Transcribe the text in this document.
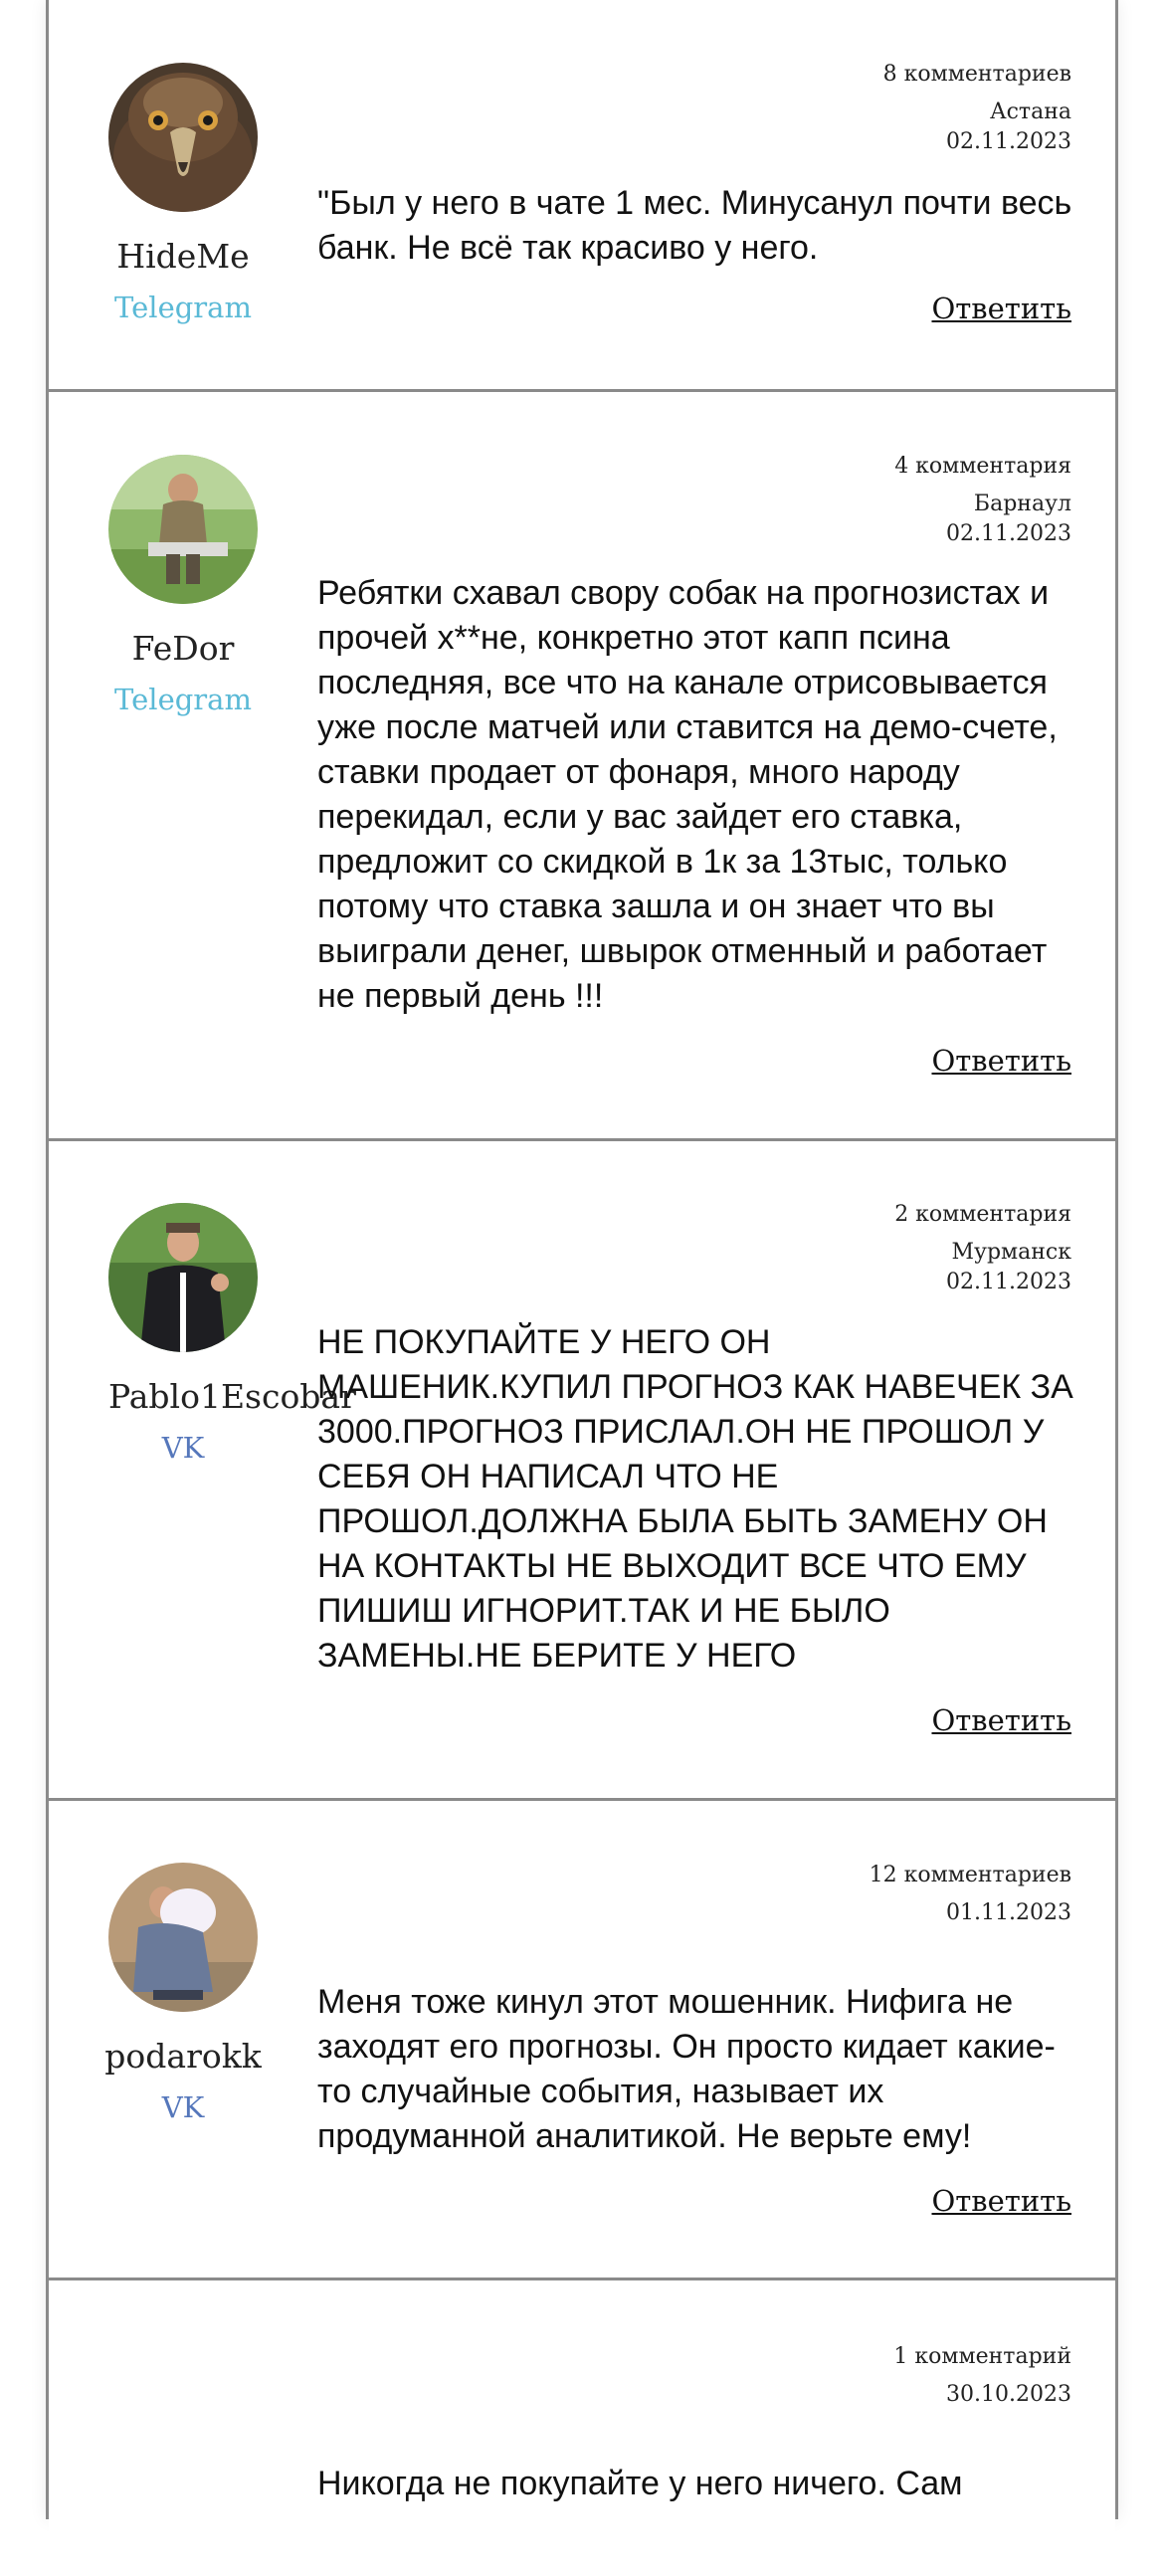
HideMe
Telegram
8 комментариев
Астана
02.11.2023
"Был у него в чате 1 мес. Минусанул почти весь банк. Не всё так красиво у него.
Ответить
FeDor
Telegram
4 комментария
Барнаул
02.11.2023
Ребятки схавал свору собак на прогнозистах и прочей х**не, конкретно этот капп псина последняя, все что на канале отрисовывается уже после матчей или ставится на демо-счете, ставки продает от фонаря, много народу перекидал, если у вас зайдет его ставка, предложит со скидкой в 1к за 13тыс, только потому что ставка зашла и он знает что вы выиграли денег, швырок отменный и работает не первый день !!!
Ответить
Pablo1Escobar
VK
2 комментария
Мурманск
02.11.2023
НЕ ПОКУПАЙТЕ У НЕГО ОН МАШЕНИК.КУПИЛ ПРОГНОЗ КАК НАВЕЧЕК ЗА 3000.ПРОГНОЗ ПРИСЛАЛ.ОН НЕ ПРОШОЛ У СЕБЯ ОН НАПИСАЛ ЧТО НЕ ПРОШОЛ.ДОЛЖНА БЫЛА БЫТЬ ЗАМЕНУ ОН НА КОНТАКТЫ НЕ ВЫХОДИТ ВСЕ ЧТО ЕМУ ПИШИШ ИГНОРИТ.ТАК И НЕ БЫЛО ЗАМЕНЫ.НЕ БЕРИТЕ У НЕГО
Ответить
podarokk
VK
12 комментариев
01.11.2023
Меня тоже кинул этот мошенник. Нифига не заходят его прогнозы. Он просто кидает какие-то случайные события, называет их продуманной аналитикой. Не верьте ему!
Ответить
1 комментарий
30.10.2023
Никогда не покупайте у него ничего. Сам
